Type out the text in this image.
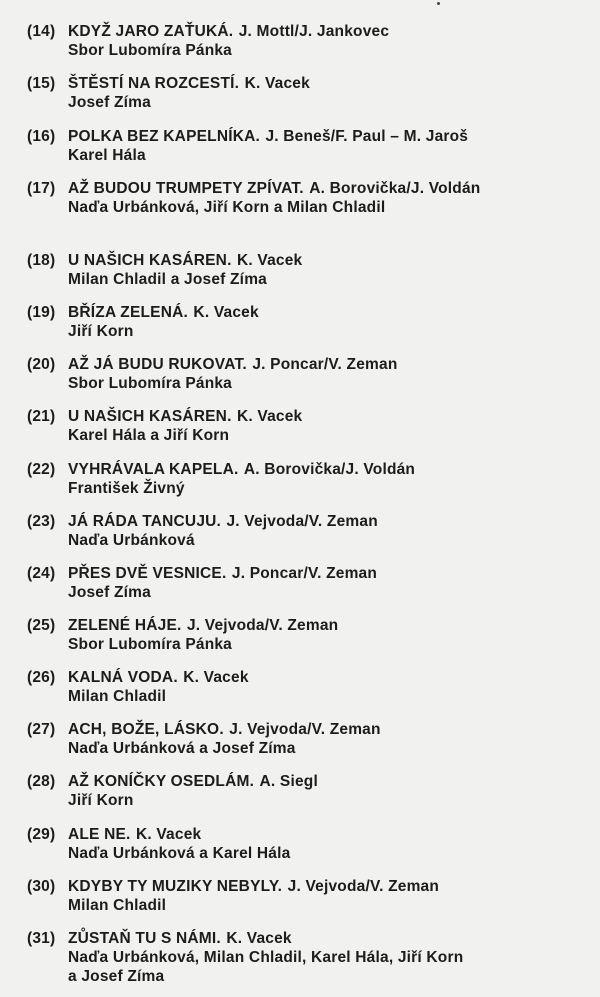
(14) KDYŽ JARO ZAŤUKÁ. J. Mottl/J. Jankovec
Sbor Lubomíra Pánka
(15) ŠTĚSTÍ NA ROZCESTÍ. K. Vacek
Josef Zíma
(16) POLKA BEZ KAPELNÍKA. J. Beneš/F. Paul – M. Jaroš
Karel Hála
(17) AŽ BUDOU TRUMPETY ZPÍVAT. A. Borovička/J. Voldán
Naďa Urbánková, Jiří Korn a Milan Chladil
(18) U NAŠICH KASÁREN. K. Vacek
Milan Chladil a Josef Zíma
(19) BŘÍZA ZELENÁ. K. Vacek
Jiří Korn
(20) AŽ JÁ BUDU RUKOVAT. J. Poncar/V. Zeman
Sbor Lubomíra Pánka
(21) U NAŠICH KASÁREN. K. Vacek
Karel Hála a Jiří Korn
(22) VYHRÁVALA KAPELA. A. Borovička/J. Voldán
František Živný
(23) JÁ RÁDA TANCUJU. J. Vejvoda/V. Zeman
Naďa Urbánková
(24) PŘES DVĚ VESNICE. J. Poncar/V. Zeman
Josef Zíma
(25) ZELENÉ HÁJE. J. Vejvoda/V. Zeman
Sbor Lubomíra Pánka
(26) KALNÁ VODA. K. Vacek
Milan Chladil
(27) ACH, BOŽE, LÁSKO. J. Vejvoda/V. Zeman
Naďa Urbánková a Josef Zíma
(28) AŽ KONÍČKY OSEDLÁM. A. Siegl
Jiří Korn
(29) ALE NE. K. Vacek
Naďa Urbánková a Karel Hála
(30) KDYBY TY MUZIKY NEBYLY. J. Vejvoda/V. Zeman
Milan Chladil
(31) ZŮSTAŇ TU S NÁMI. K. Vacek
Naďa Urbánková, Milan Chladil, Karel Hála, Jiří Korn
a Josef Zíma
